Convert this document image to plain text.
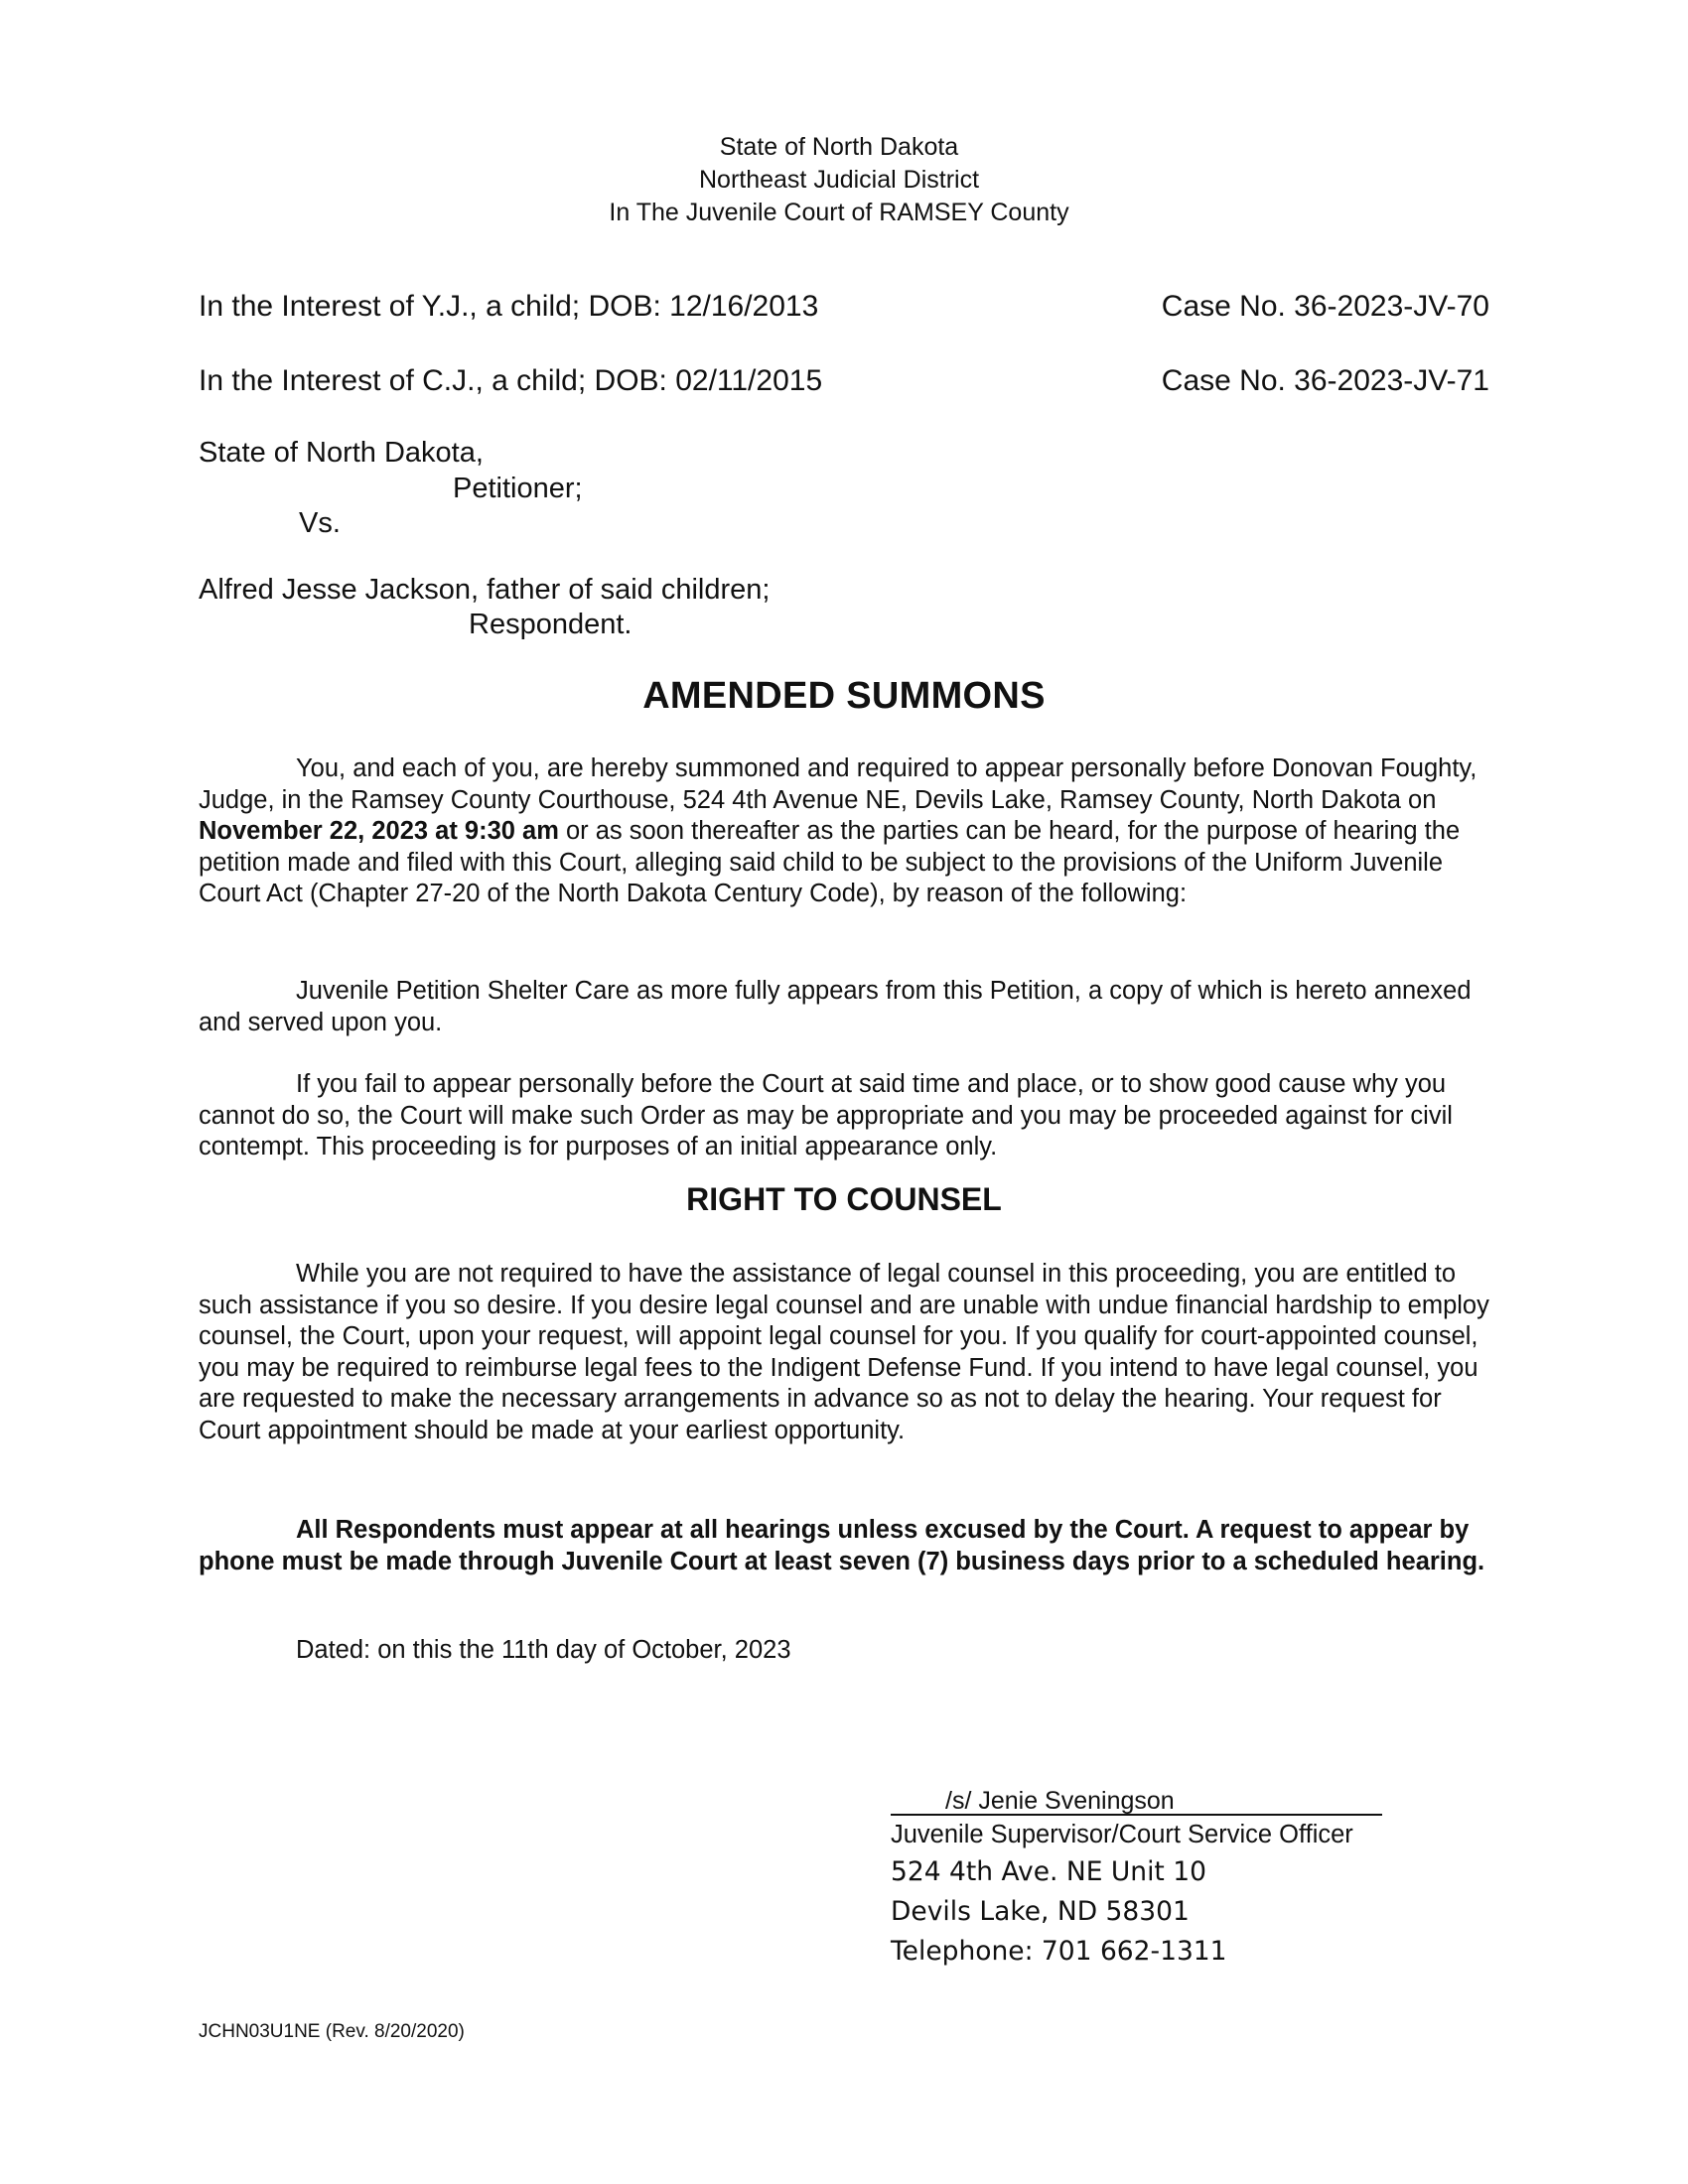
State of North Dakota
Northeast Judicial District
In The Juvenile Court of RAMSEY County
In the Interest of Y.J., a child; DOB: 12/16/2013	Case No. 36-2023-JV-70
In the Interest of C.J., a child; DOB: 02/11/2015	Case No. 36-2023-JV-71
State of North Dakota,
Petitioner;
Vs.
Alfred Jesse Jackson, father of said children;
Respondent.
AMENDED SUMMONS

You, and each of you, are hereby summoned and required to appear personally before Donovan Foughty, Judge, in the Ramsey County Courthouse, 524 4th Avenue NE, Devils Lake, Ramsey County, North Dakota on November 22, 2023 at 9:30 am or as soon thereafter as the parties can be heard, for the purpose of hearing the petition made and filed with this Court, alleging said child to be subject to the provisions of the Uniform Juvenile Court Act (Chapter 27-20 of the North Dakota Century Code), by reason of the following:

Juvenile Petition Shelter Care as more fully appears from this Petition, a copy of which is hereto annexed and served upon you.

If you fail to appear personally before the Court at said time and place, or to show good cause why you cannot do so, the Court will make such Order as may be appropriate and you may be proceeded against for civil contempt. This proceeding is for purposes of an initial appearance only.

RIGHT TO COUNSEL

While you are not required to have the assistance of legal counsel in this proceeding, you are entitled to such assistance if you so desire. If you desire legal counsel and are unable with undue financial hardship to employ counsel, the Court, upon your request, will appoint legal counsel for you. If you qualify for court-appointed counsel, you may be required to reimburse legal fees to the Indigent Defense Fund. If you intend to have legal counsel, you are requested to make the necessary arrangements in advance so as not to delay the hearing. Your request for Court appointment should be made at your earliest opportunity.

All Respondents must appear at all hearings unless excused by the Court. A request to appear by phone must be made through Juvenile Court at least seven (7) business days prior to a scheduled hearing.

Dated: on this the 11th day of October, 2023
/s/ Jenie Sveningson
Juvenile Supervisor/Court Service Officer
524 4th Ave. NE Unit 10
Devils Lake, ND 58301
Telephone: 701 662-1311
JCHN03U1NE (Rev. 8/20/2020)
